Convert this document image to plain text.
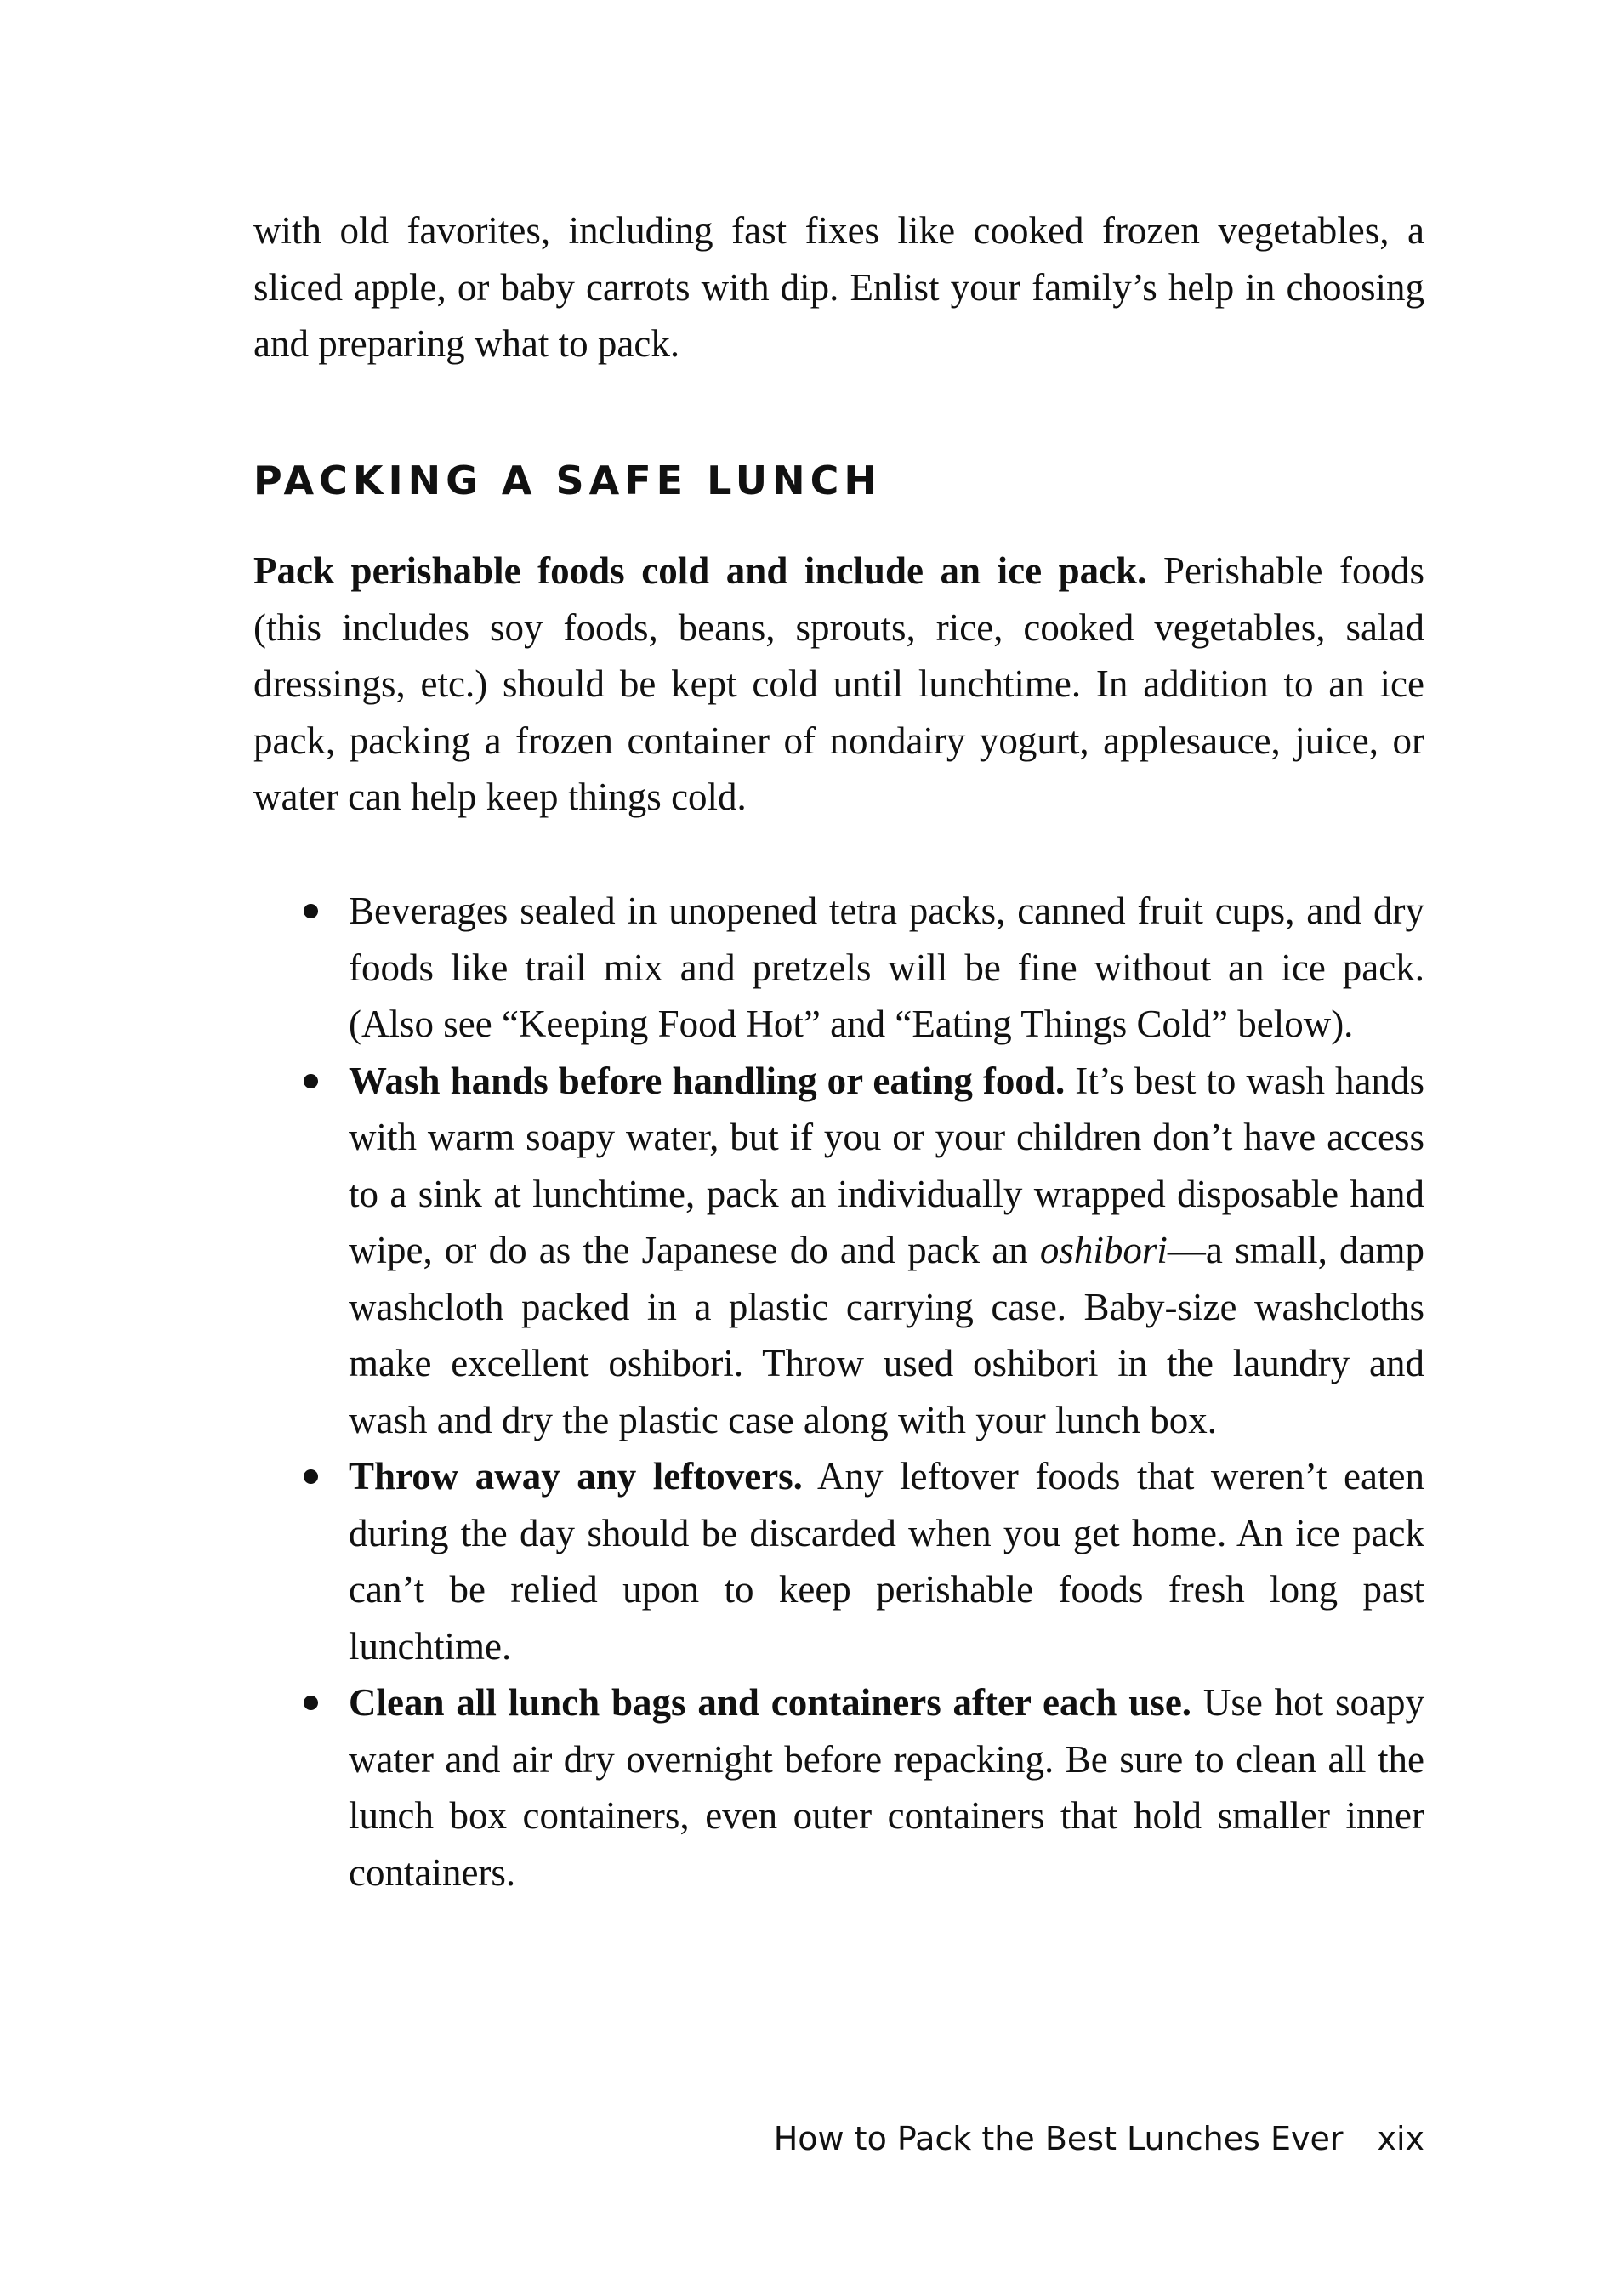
with old favorites, including fast fixes like cooked frozen vegetables, a sliced apple, or baby carrots with dip. Enlist your family’s help in choosing and preparing what to pack.

PACKING A SAFE LUNCH

Pack perishable foods cold and include an ice pack. Perishable foods (this includes soy foods, beans, sprouts, rice, cooked vegetables, salad dressings, etc.) should be kept cold until lunchtime. In addition to an ice pack, packing a frozen container of nondairy yogurt, applesauce, juice, or water can help keep things cold.

Beverages sealed in unopened tetra packs, canned fruit cups, and dry foods like trail mix and pretzels will be fine without an ice pack. (Also see “Keeping Food Hot” and “Eating Things Cold” below).
Wash hands before handling or eating food. It’s best to wash hands with warm soapy water, but if you or your children don’t have access to a sink at lunchtime, pack an individually wrapped disposable hand wipe, or do as the Japanese do and pack an oshibori—a small, damp washcloth packed in a plastic carrying case. Baby-size washcloths make excellent oshibori. Throw used oshibori in the laundry and wash and dry the plastic case along with your lunch box.
Throw away any leftovers. Any leftover foods that weren’t eaten during the day should be discarded when you get home. An ice pack can’t be relied upon to keep perishable foods fresh long past lunchtime.
Clean all lunch bags and containers after each use. Use hot soapy water and air dry overnight before repacking. Be sure to clean all the lunch box containers, even outer containers that hold smaller inner containers.
How to Pack the Best Lunches Ever xix
